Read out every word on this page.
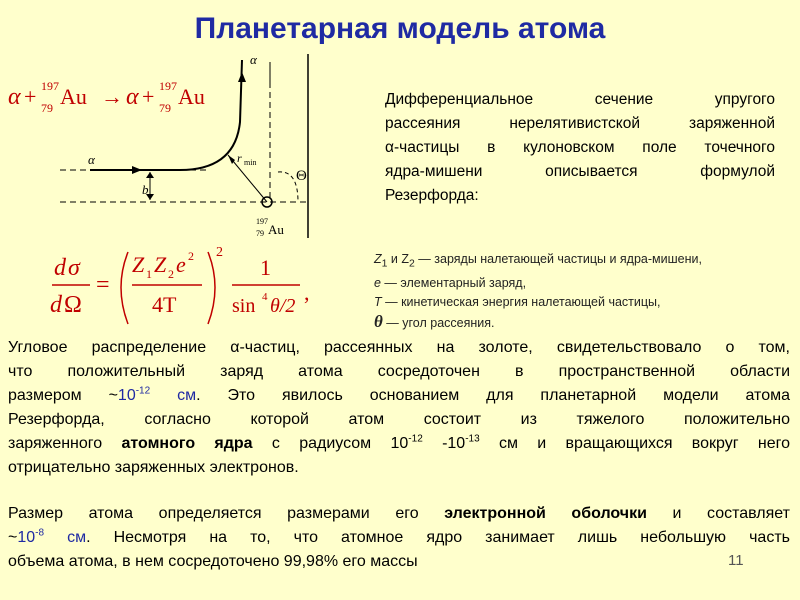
Планетарная модель атома
α + 197
79 Au → α + 197
79 Au
α
α
b
r min
Θ
197
79 Au
Дифференциальное сечение упругого
рассеяния нерелятивистской заряженной
α-частицы в кулоновском поле точечного
ядра-мишени описывается формулой
Резерфорда:
d σ
d Ω
=
Z 1 Z 2 e 2
4T
2
1
sin 4 θ/2
,
$Z_1$ и $Z_2$ — заряды налетающей частицы и ядра-мишени,
e — элементарный заряд,
T — кинетическая энергия налетающей частицы,
θ — угол рассеяния.
Угловое распределение α-частиц, рассеянных на золоте, свидетельствовало о том,
что положительный заряд атома сосредоточен в пространственной области
размером $\sim 10^{-12}$ см. Это явилось основанием для планетарной модели атома
Резерфорда, согласно которой атом состоит из тяжелого положительно
заряженного атомного ядра с радиусом $10^{-12}$ $-10^{-13}$ см и вращающихся вокруг него
отрицательно заряженных электронов.
Размер атома определяется размерами его электронной оболочки и составляет
$\sim 10^{-8}$ см. Несмотря на то, что атомное ядро занимает лишь небольшую часть
объема атома, в нем сосредоточено 99,98% его массы	11
